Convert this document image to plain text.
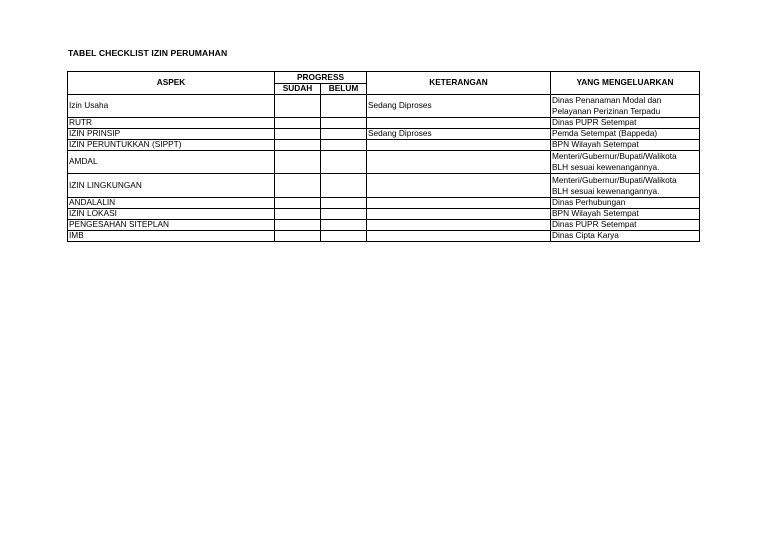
TABEL CHECKLIST IZIN PERUMAHAN
ASPEK	PROGRESS		KETERANGAN	YANG MENGELUARKAN
	SUDAH	BELUM		
Izin Usaha			Sedang Diproses	Dinas Penanaman Modal dan
Pelayanan Perizinan Terpadu
RUTR				Dinas PUPR Setempat
IZIN PRINSIP			Sedang Diproses	Pemda Setempat (Bappeda)
IZIN PERUNTUKKAN (SIPPT)				BPN Wilayah Setempat
AMDAL				Menteri/Gubernur/Bupati/Walikota
BLH sesuai kewenangannya.
IZIN LINGKUNGAN				Menteri/Gubernur/Bupati/Walikota
BLH sesuai kewenangannya.
ANDALALIN				Dinas Perhubungan
IZIN LOKASI				BPN Wilayah Setempat
PENGESAHAN SITEPLAN				Dinas PUPR Setempat
IMB				Dinas Cipta Karya
